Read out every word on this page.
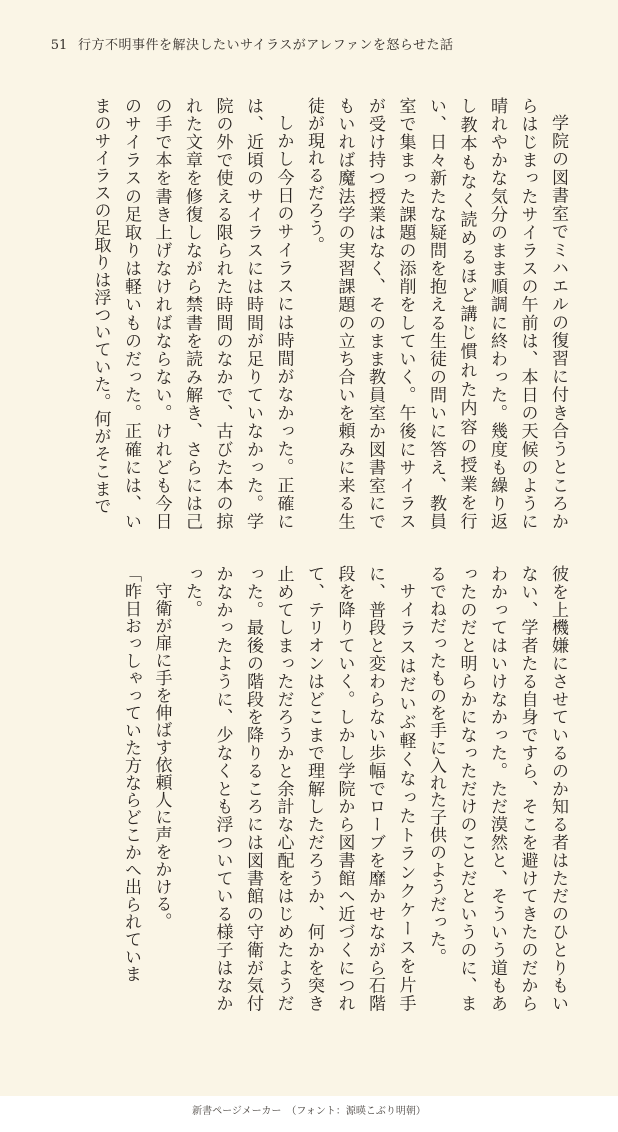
51 行方不明事件を解決したいサイラスがアレファンを怒らせた話

学院の図書室でミハエルの復習に付き合うところからはじまったサイラスの午前は、本日の天候のように晴れやかな気分のまま順調に終わった。幾度も繰り返し教本もなく読めるほど講じ慣れた内容の授業を行い、日々新たな疑問を抱える生徒の問いに答え、教員室で集まった課題の添削をしていく。午後にサイラスが受け持つ授業はなく、そのまま教員室か図書室にでもいれば魔法学の実習課題の立ち合いを頼みに来る生徒が現れるだろう。

しかし今日のサイラスには時間がなかった。正確には、近頃のサイラスには時間が足りていなかった。学院の外で使える限られた時間のなかで、古びた本の掠れた文章を修復しながら禁書を読み解き、さらには己の手で本を書き上げなければならない。けれども今日のサイラスの足取りは軽いものだった。正確には、いまのサイラスの足取りは浮ついていた。何がそこまで

彼を上機嫌にさせているのか知る者はただのひとりもいない、学者たる自身ですら、そこを避けてきたのだからわかってはいけなかった。ただ漠然と、そういう道もあったのだと明らかになっただけのことだというのに、まるでねだったものを手に入れた子供のようだった。

サイラスはだいぶ軽くなったトランクケースを片手に、普段と変わらない歩幅でローブを靡かせながら石階段を降りていく。しかし学院から図書館へ近づくにつれて、テリオンはどこまで理解しただろうか、何かを突き止めてしまっただろうかと余計な心配をはじめたようだった。最後の階段を降りるころには図書館の守衛が気付かなかったように、少なくとも浮ついている様子はなかった。

守衛が扉に手を伸ばす依頼人に声をかける。

「昨日おっしゃっていた方ならどこかへ出られていま

新書ページメーカー　（フォント：源暎こぶり明朝）
